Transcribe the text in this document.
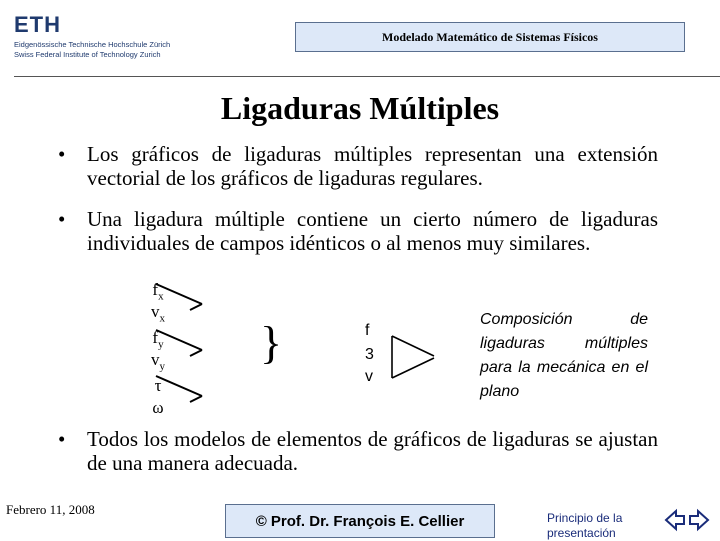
ETH
Eidgenössische Technische Hochschule Zürich
Swiss Federal Institute of Technology Zurich
Modelado Matemático de Sistemas Físicos
Ligaduras Múltiples
• Los gráficos de ligaduras múltiples representan una extensión vectorial de los gráficos de ligaduras regulares.
• Una ligadura múltiple contiene un cierto número de ligaduras individuales de campos idénticos o al menos muy similares.
$f_x$
$v_x$
$f_y$
$v_y$
τ
ω
}	f
3
v
Composición de ligaduras múltiples para la mecánica en el plano
• Todos los modelos de elementos de gráficos de ligaduras se ajustan de una manera adecuada.
Febrero 11, 2008
© Prof. Dr. François E. Cellier	Principio de la
presentación
